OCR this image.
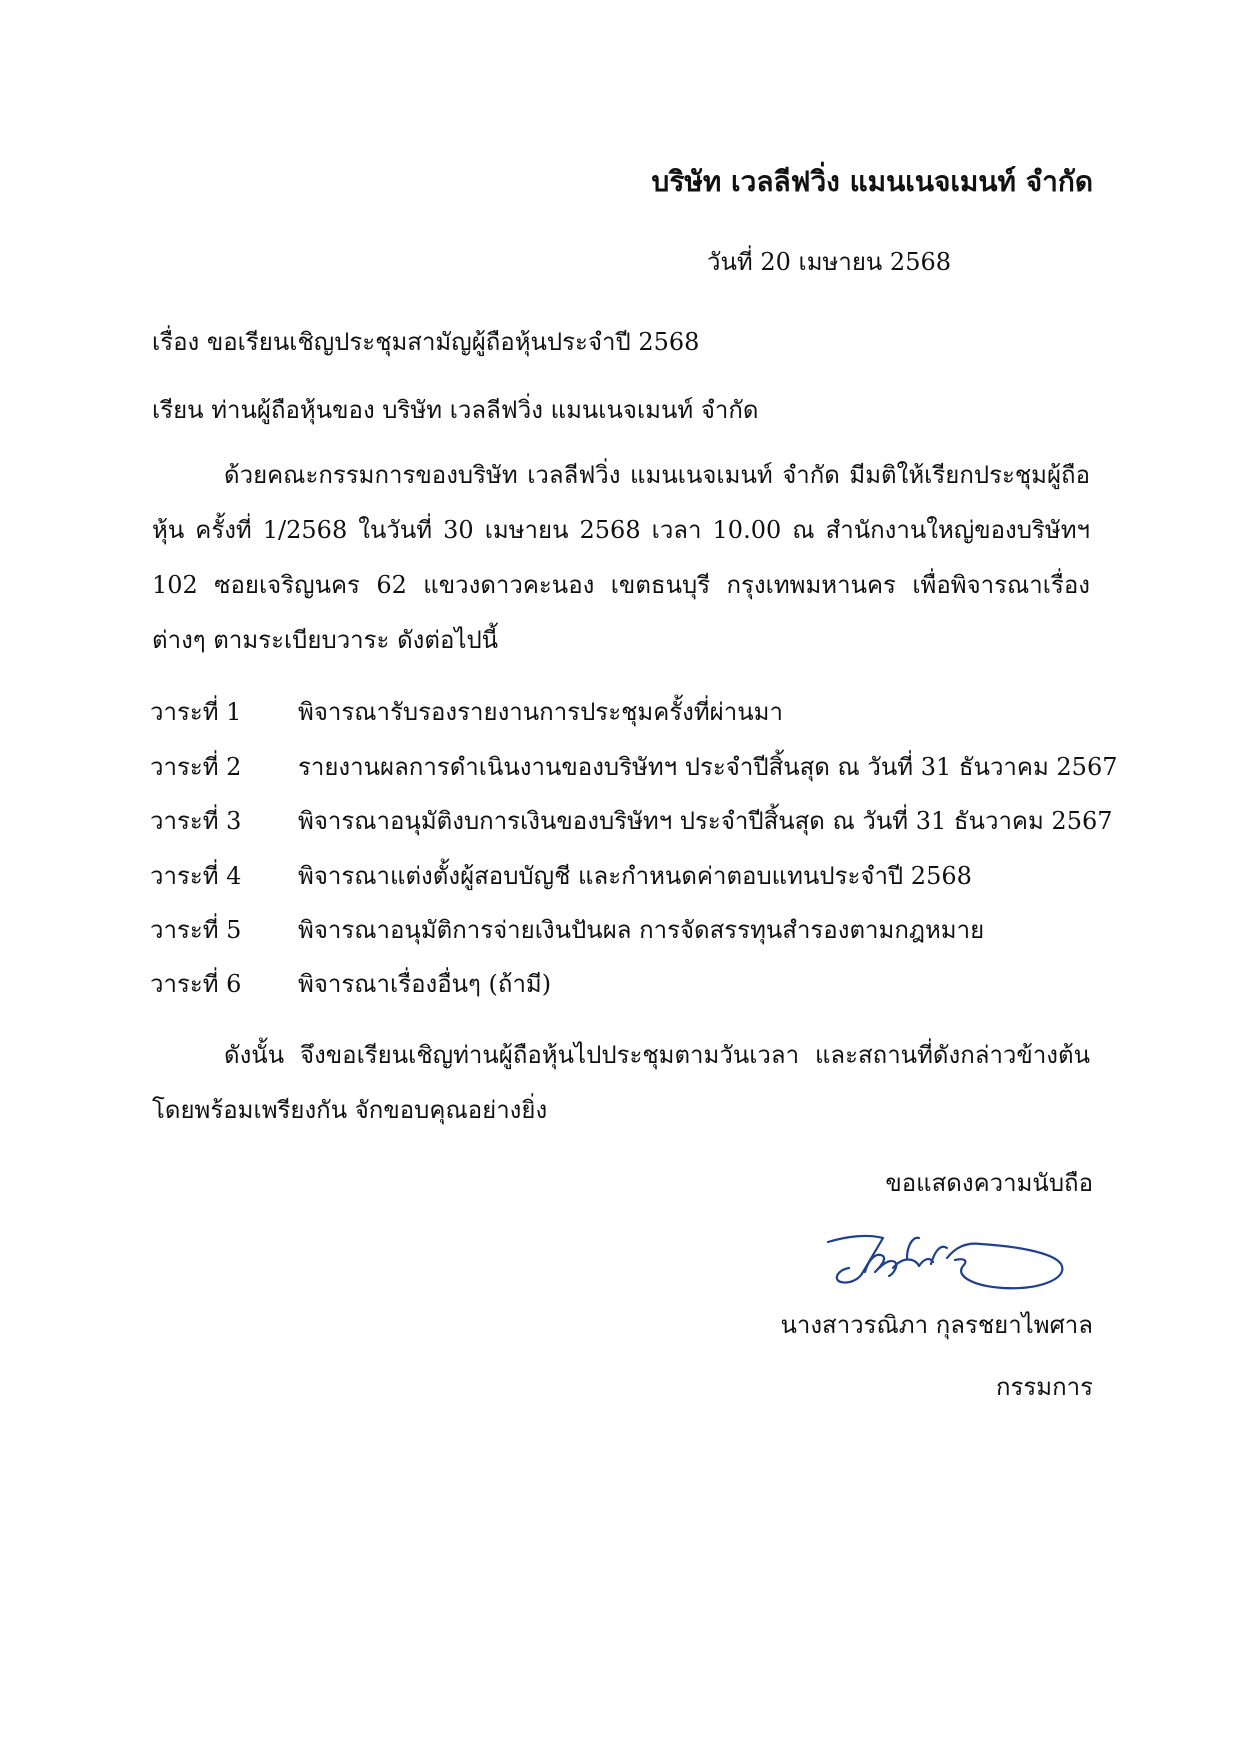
บริษัท เวลลีฟวิ่ง แมนเนจเมนท์ จำกัด
วันที่ 20 เมษายน 2568
เรื่อง ขอเรียนเชิญประชุมสามัญผู้ถือหุ้นประจำปี 2568
เรียน ท่านผู้ถือหุ้นของ บริษัท เวลลีฟวิ่ง แมนเนจเมนท์ จำกัด
ด้วยคณะกรรมการของบริษัท เวลลีฟวิ่ง แมนเนจเมนท์ จำกัด มีมติให้เรียกประชุมผู้ถือหุ้น ครั้งที่ 1/2568 ในวันที่ 30 เมษายน 2568 เวลา 10.00 ณ สำนักงานใหญ่ของบริษัทฯ 102 ซอยเจริญนคร 62 แขวงดาวคะนอง เขตธนบุรี กรุงเทพมหานคร เพื่อพิจารณาเรื่องต่างๆ ตามระเบียบวาระ ดังต่อไปนี้
วาระที่ 1 พิจารณารับรองรายงานการประชุมครั้งที่ผ่านมา
วาระที่ 2 รายงานผลการดำเนินงานของบริษัทฯ ประจำปีสิ้นสุด ณ วันที่ 31 ธันวาคม 2567
วาระที่ 3 พิจารณาอนุมัติงบการเงินของบริษัทฯ ประจำปีสิ้นสุด ณ วันที่ 31 ธันวาคม 2567
วาระที่ 4 พิจารณาแต่งตั้งผู้สอบบัญชี และกำหนดค่าตอบแทนประจำปี 2568
วาระที่ 5 พิจารณาอนุมัติการจ่ายเงินปันผล การจัดสรรทุนสำรองตามกฎหมาย
วาระที่ 6 พิจารณาเรื่องอื่นๆ (ถ้ามี)
ดังนั้น จึงขอเรียนเชิญท่านผู้ถือหุ้นไปประชุมตามวันเวลา และสถานที่ดังกล่าวข้างต้น โดยพร้อมเพรียงกัน จักขอบคุณอย่างยิ่ง
ขอแสดงความนับถือ
นางสาวรณิภา กุลรชยาไพศาล
กรรมการ
